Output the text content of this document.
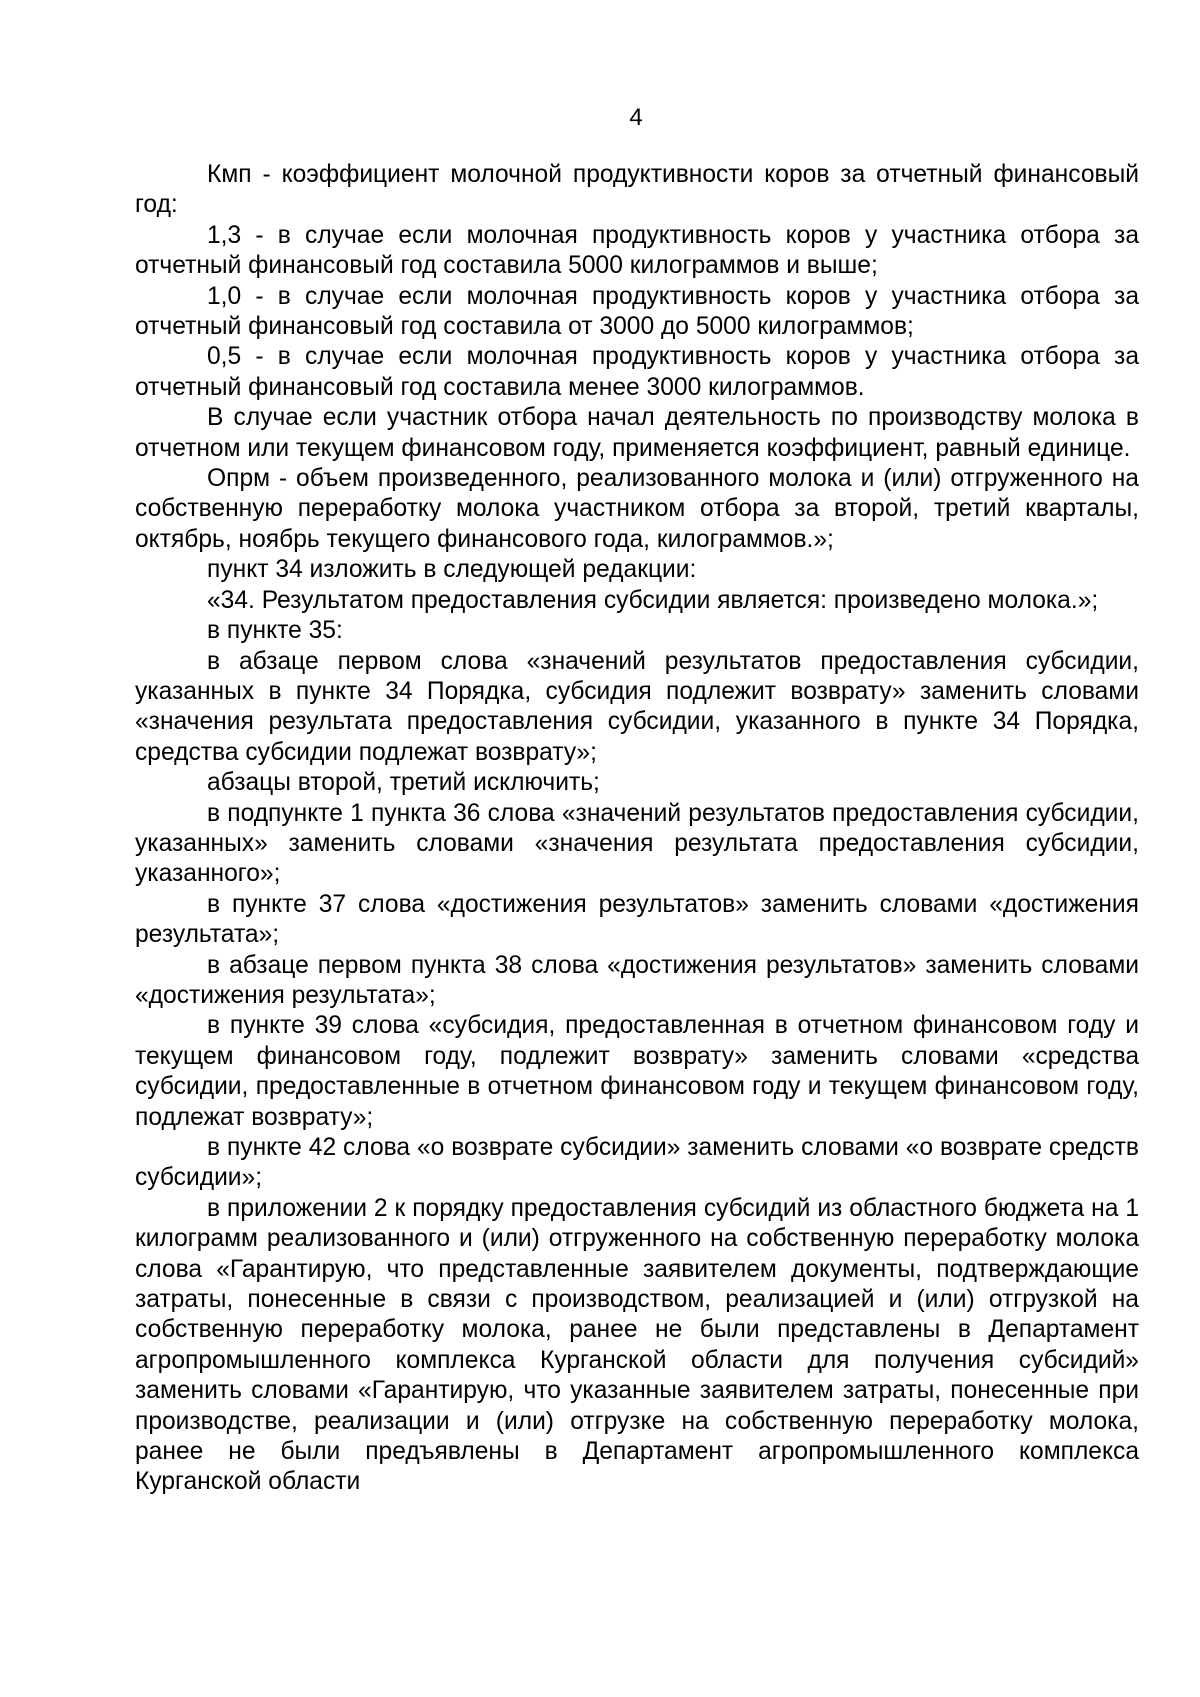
4

Кмп - коэффициент молочной продуктивности коров за отчетный финансовый год:

1,3 - в случае если молочная продуктивность коров у участника отбора за отчетный финансовый год составила 5000 килограммов и выше;

1,0 - в случае если молочная продуктивность коров у участника отбора за отчетный финансовый год составила от 3000 до 5000 килограммов;

0,5 - в случае если молочная продуктивность коров у участника отбора за отчетный финансовый год составила менее 3000 килограммов.

В случае если участник отбора начал деятельность по производству молока в отчетном или текущем финансовом году, применяется коэффициент, равный единице.

Опрм - объем произведенного, реализованного молока и (или) отгруженного на собственную переработку молока участником отбора за второй, третий кварталы, октябрь, ноябрь текущего финансового года, килограммов.»;

пункт 34 изложить в следующей редакции:

«34. Результатом предоставления субсидии является: произведено молока.»;

в пункте 35:

в абзаце первом слова «значений результатов предоставления субсидии, указанных в пункте 34 Порядка, субсидия подлежит возврату» заменить словами «значения результата предоставления субсидии, указанного в пункте 34 Порядка, средства субсидии подлежат возврату»;

абзацы второй, третий исключить;

в подпункте 1 пункта 36 слова «значений результатов предоставления субсидии, указанных» заменить словами «значения результата предоставления субсидии, указанного»;

в пункте 37 слова «достижения результатов» заменить словами «достижения результата»;

в абзаце первом пункта 38 слова «достижения результатов» заменить словами «достижения результата»;

в пункте 39 слова «субсидия, предоставленная в отчетном финансовом году и текущем финансовом году, подлежит возврату» заменить словами «средства субсидии, предоставленные в отчетном финансовом году и текущем финансовом году, подлежат возврату»;

в пункте 42 слова «о возврате субсидии» заменить словами «о возврате средств субсидии»;

в приложении 2 к порядку предоставления субсидий из областного бюджета на 1 килограмм реализованного и (или) отгруженного на собственную переработку молока слова «Гарантирую, что представленные заявителем документы, подтверждающие затраты, понесенные в связи с производством, реализацией и (или) отгрузкой на собственную переработку молока, ранее не были представлены в Департамент агропромышленного комплекса Курганской области для получения субсидий» заменить словами «Гарантирую, что указанные заявителем затраты, понесенные при производстве, реализации и (или) отгрузке на собственную переработку молока, ранее не были предъявлены в Департамент агропромышленного комплекса Курганской области
